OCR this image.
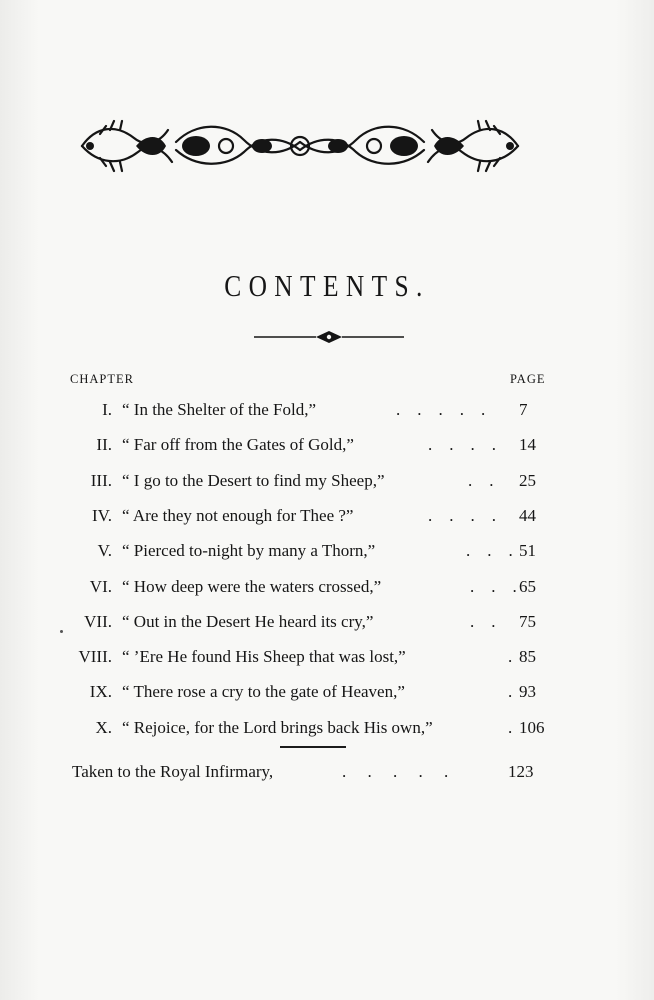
CONTENTS.
CHAPTER	PAGE
I. “ In the Shelter of the Fold,”	.    .    .    .    . 7
II. “ Far off from the Gates of Gold,”	.    .    .    . 14
III. “ I go to the Desert to find my Sheep,”	.    . 25
IV. “ Are they not enough for Thee ?”	.    .    .    . 44
V. “ Pierced to-night by many a Thorn,”	.    .    . 51
VI. “ How deep were the waters crossed,”	.    .    . 65
VII. “ Out in the Desert He heard its cry,”	.    . 75
VIII. “ ’Ere He found His Sheep that was lost,”	. 85
IX. “ There rose a cry to the gate of Heaven,”	. 93
X. “ Rejoice, for the Lord brings back His own,”	. 106
Taken to the Royal Infirmary,	.     .     .     .     .	123
